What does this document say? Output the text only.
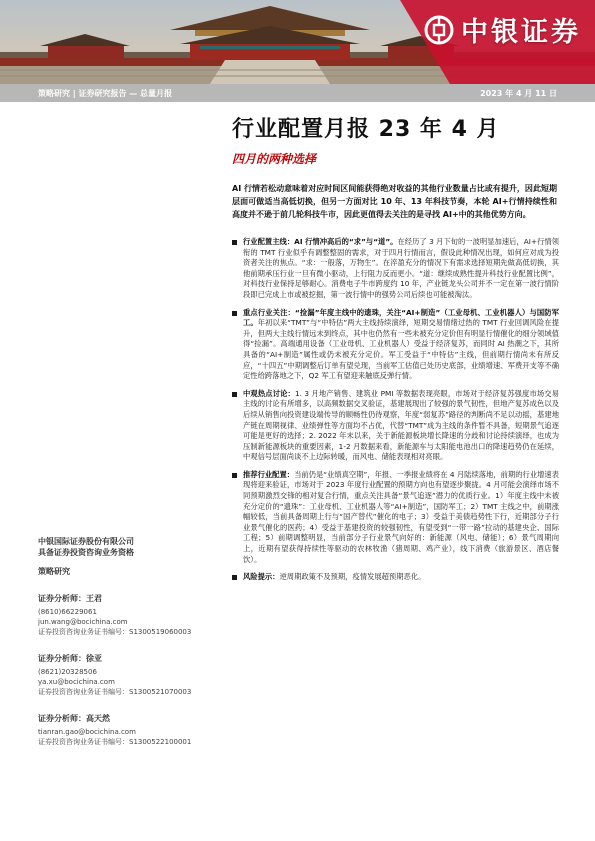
中银证券
策略研究 | 证券研究报告 — 总量月报	2023 年 4 月 11 日
行业配置月报 23 年 4 月
四月的两种选择

AI 行情若松动意味着对应时间区间能获得绝对收益的其他行业数量占比或有提升，因此短期层面可做适当高低切换，但另一方面对比 10 年、13 年科技节奏，本轮 AI+行情持续性和高度并不逊于前几轮科技牛市，因此更值得去关注的是寻找 AI+中的其他优势方向。

行业配置主线：AI 行情冲高后的“求”与“道”。在经历了 3 月下旬的一波明显加速后，AI+行情领衔的 TMT 行业似乎有调整整固的需求，对于四月行情而言，假设此种情况出现，如何应对成为投资者关注的焦点。“求：一般落，万物生”。在淬盈充分的情况下有需求选择短期先做高低切换，其他前期承压行业一旦有微小驱动，上行阻力反而更小。“道：继续成熟性提升科技行业配置比例”，对科技行业保持足够耐心。消费电子牛市跨度约 10 年，产业链龙头公司并不一定在第一波行情阶段即已完成上市或被挖掘，第一波行情中的强势公司后续也可能被淘汰。

重点行业关注：“捡漏”年度主线中的遗珠，关注“AI+制造”（工业母机、工业机器人）与国防军工。年初以来“TMT”与“中特估”两大主线持续演绎，短期交易情绪过热的 TMT 行业回调风险在提升，但两大主线行情远未到终点，其中也仍然有一些未被充分定价但有明显行情催化的细分领域值得“捡漏”。高端通用设备（工业母机、工业机器人）受益于经济复苏，而同时 AI 热潮之下，其所具备的“AI+制造”属性或仍未被充分定价。军工受益于“中特估”主线，但前期行情尚未有所反应，“十四五”中期调整后订单有望兑现，当前军工估值已处历史底部，业绩增速、军费开支等不确定性给跨落地之下，Q2 军工有望迎来触底反弹行情。

中观热点讨论：1. 3 月地产销售、建筑业 PMI 等数据表现亮眼，市场对于经济复苏强度市场交易主线的讨论有所增多，以高频数据交叉验证，基建展现出了较强的景气韧性，但地产复苏成色以及后续从销售向投资建设端传导的顺畅性仍待观察，年度“弱复苏”路径的判断尚不足以动摇，基建地产链在周期视律、业绩弹性等方面均不占优，代替“TMT”成为主线的条件暂不具备，短期景气追逐可能是更好的选择；2. 2022 年末以来，关于新能源板块增长降速的分歧和讨论持续演绎，也成为压制新能源板块的重要因素，1-2 月数据来看，新能源车与太阳能电池出口的降速趋势仍在延续，中观信号层面尚谈不上边际转暖，而风电、储能表现相对亮眼。

推荐行业配置：当前仍是“业绩真空期”，年报、一季报业绩将在 4 月陆续落地，前期的行业增速表现将迎来验证，市场对于 2023 年度行业配置的预期方向也有望逐步聚拢。4 月可能会演绎市场不同预期激烈交锋的相对复合行情，重点关注具备“景气追逐”潜力的优质行业。1）年度主线中未被充分定价的“遗珠”：工业母机、工业机器人等“AI+制造”，国防军工；2）TMT 主线之中，前期涨幅较低，当前具备周期上行与“国产替代”催化的电子；3）受益于美债趋势性下行，近期部分子行业景气催化的医药；4）受益于基建投资的较强韧性，有望受到“一带一路”拉动的基建央企、国际工程；5）前期调整明显，当前部分子行业景气向好的：新能源（风电、储能）；6）景气周期向上，近期有望获得持续性等驱动的农林牧渔（猪周期、鸡产业），线下消费（旅游景区、酒店餐饮）。

风险提示：逆周期政策不及预期，疫情发展超预期恶化。

中银国际证券股份有限公司
具备证券投资咨询业务资格
策略研究
证券分析师：王君
(8610)66229061
jun.wang@bocichina.com
证券投资咨询业务证书编号：S1300519060003
证券分析师：徐亚
(8621)20328506
ya.xu@bocichina.com
证券投资咨询业务证书编号：S1300521070003
证券分析师：高天然
tianran.gao@bocichina.com
证券投资咨询业务证书编号：S1300522100001
